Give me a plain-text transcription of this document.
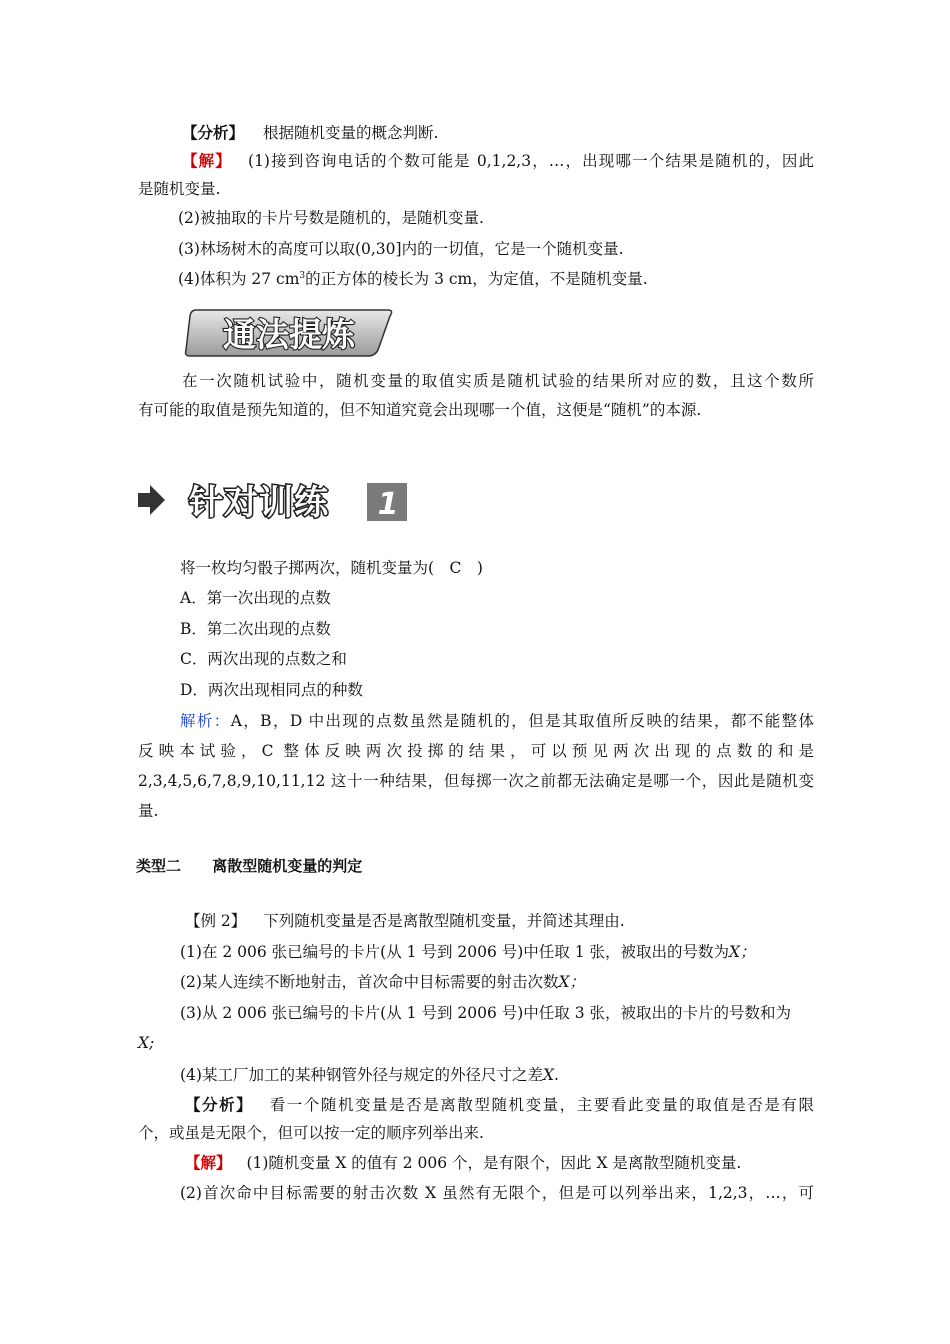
【分析】 根据随机变量的概念判断.
【解】 (1)接到咨询电话的个数可能是 0,1,2,3，…，出现哪一个结果是随机的，因此
是随机变量.
(2)被抽取的卡片号数是随机的，是随机变量.
(3)林场树木的高度可以取(0,30]内的一切值，它是一个随机变量.
(4)体积为 27 $cm^3$的正方体的棱长为 3 cm，为定值，不是随机变量.
通法提炼
在一次随机试验中，随机变量的取值实质是随机试验的结果所对应的数，且这个数所
有可能的取值是预先知道的，但不知道究竟会出现哪一个值，这便是“随机”的本源.
针对训练 1
将一枚均匀骰子掷两次，随机变量为(　C　)
A．第一次出现的点数
B．第二次出现的点数
C．两次出现的点数之和
D．两次出现相同点的种数
解析：A，B，D 中出现的点数虽然是随机的，但是其取值所反映的结果，都不能整体
反映本试验，C 整体反映两次投掷的结果，可以预见两次出现的点数的和是
2,3,4,5,6,7,8,9,10,11,12 这十一种结果，但每掷一次之前都无法确定是哪一个，因此是随机变
量.
类型二 离散型随机变量的判定
【例 2】 下列随机变量是否是离散型随机变量，并简述其理由.
(1)在 2 006 张已编号的卡片(从 1 号到 2006 号)中任取 1 张，被取出的号数为X；
(2)某人连续不断地射击，首次命中目标需要的射击次数X；
(3)从 2 006 张已编号的卡片(从 1 号到 2006 号)中任取 3 张，被取出的卡片的号数和为
X;
(4)某工厂加工的某种钢管外径与规定的外径尺寸之差X.
【分析】 看一个随机变量是否是离散型随机变量，主要看此变量的取值是否是有限
个，或虽是无限个，但可以按一定的顺序列举出来.
【解】 (1)随机变量 X 的值有 2 006 个，是有限个，因此 X 是离散型随机变量.
(2)首次命中目标需要的射击次数 X 虽然有无限个，但是可以列举出来，1,2,3，…，可
